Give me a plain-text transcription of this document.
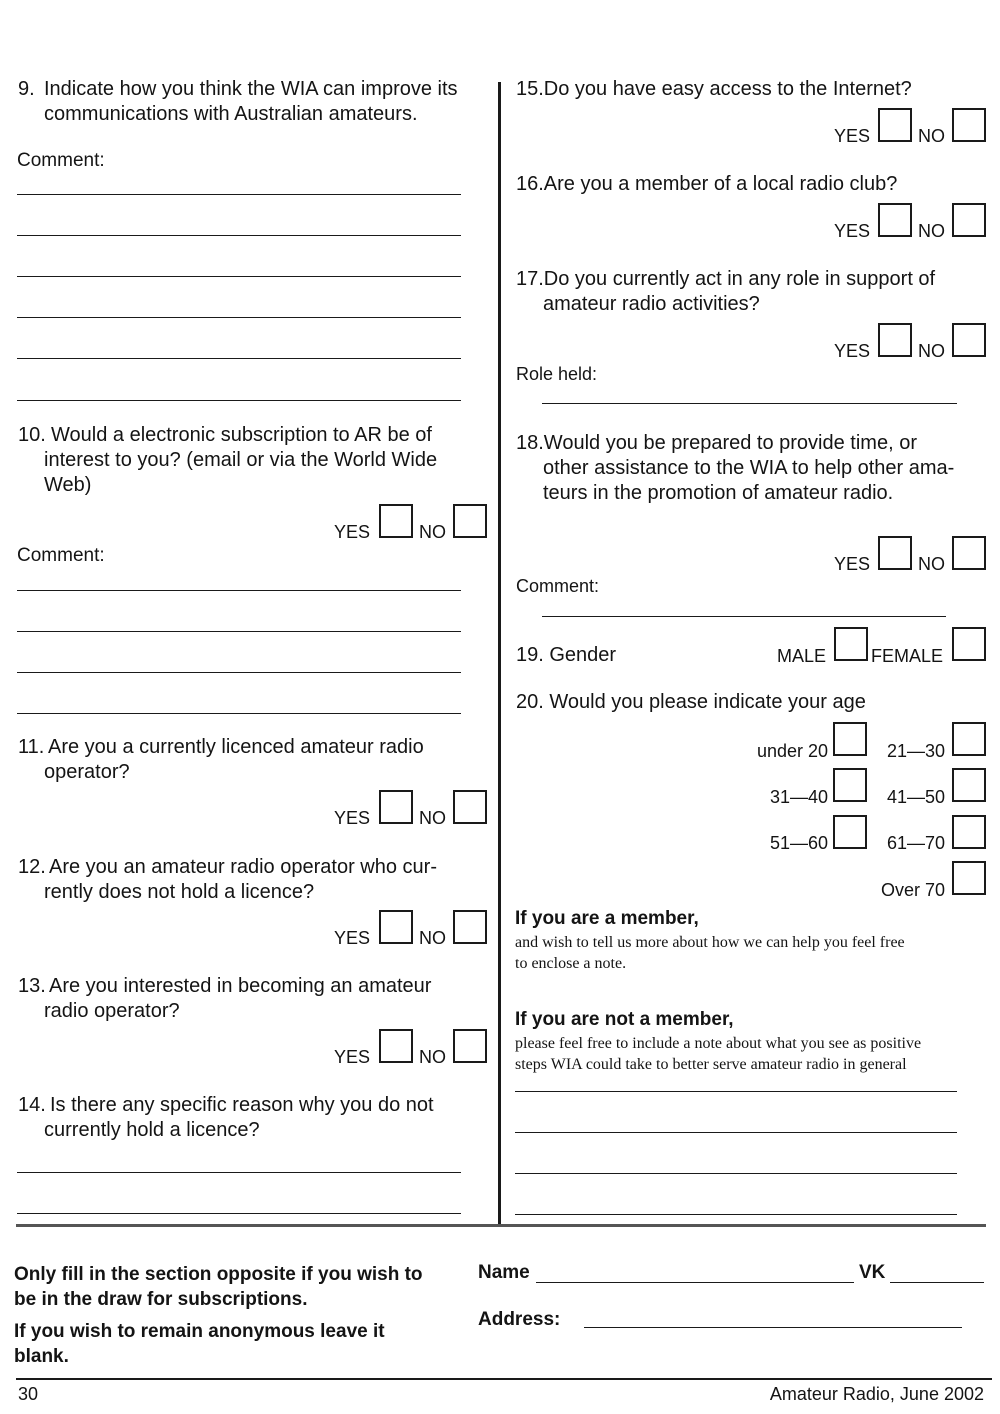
9. Indicate how you think the WIA can improve its
communications with Australian amateurs.
Comment:
10. Would a electronic subscription to AR be of
interest to you? (email or via the World Wide
Web)
YES	NO
Comment:
11. Are you a currently licenced amateur radio
operator?
YES	NO
12. Are you an amateur radio operator who cur-
rently does not hold a licence?
YES	NO
13. Are you interested in becoming an amateur
radio operator?
YES	NO
14. Is there any specific reason why you do not
currently hold a licence?
15.Do you have easy access to the Internet?
YES	NO
16.Are you a member of a local radio club?
YES	NO
17.Do you currently act in any role in support of
amateur radio activities?
YES	NO
Role held:
18.Would you be prepared to provide time, or
other assistance to the WIA to help other ama-
teurs in the promotion of amateur radio.
YES	NO
Comment:
19. Gender	MALE FEMALE
20. Would you please indicate your age
under 20	21—30
31—40	41—50
51—60	61—70
Over 70
If you are a member,
and wish to tell us more about how we can help you feel free
to enclose a note.
If you are not a member,
please feel free to include a note about what you see as positive
steps WIA could take to better serve amateur radio in general
Only fill in the section opposite if you wish to
be in the draw for subscriptions.
If you wish to remain anonymous leave it
blank.
Name	VK
Address:
30	Amateur Radio, June 2002
